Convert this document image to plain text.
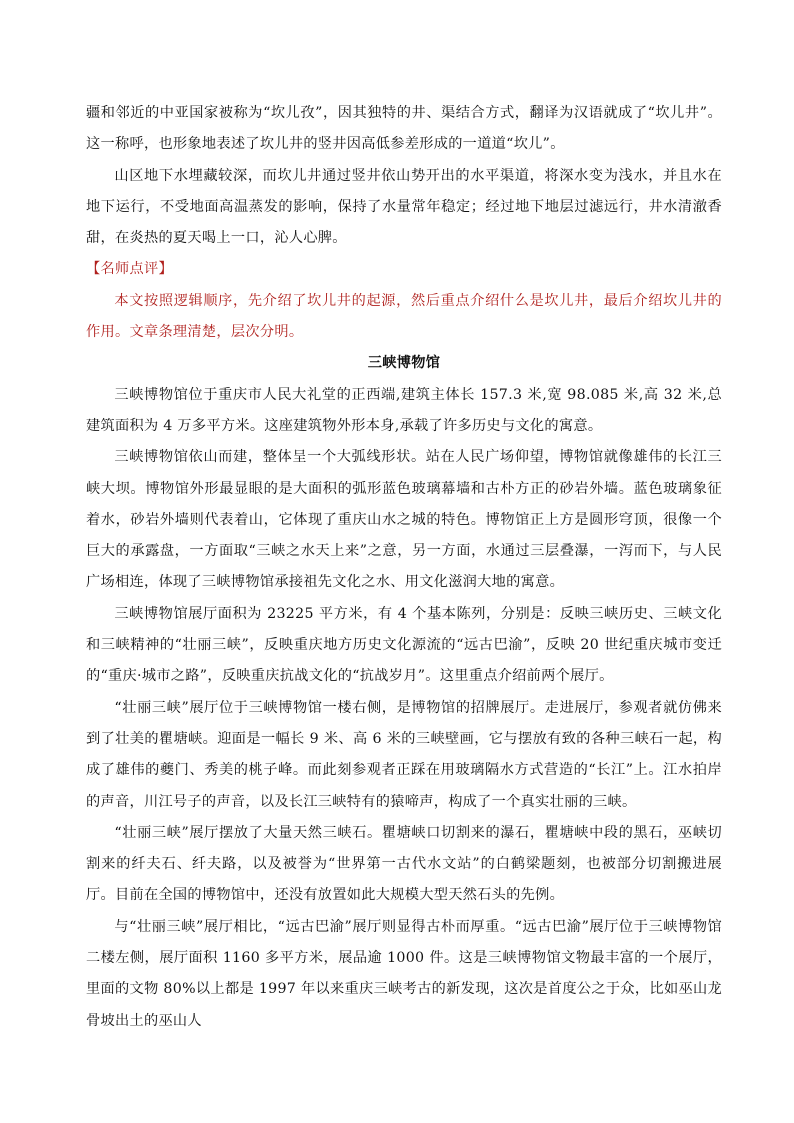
疆和邻近的中亚国家被称为“坎儿孜”，因其独特的井、渠结合方式，翻译为汉语就成了“坎儿井”。这一称呼，也形象地表述了坎儿井的竖井因高低参差形成的一道道“坎儿”。

山区地下水埋藏较深，而坎儿井通过竖井依山势开出的水平渠道，将深水变为浅水，并且水在地下运行，不受地面高温蒸发的影响，保持了水量常年稳定；经过地下地层过滤远行，井水清澈香甜，在炎热的夏天喝上一口，沁人心脾。

【名师点评】

本文按照逻辑顺序，先介绍了坎儿井的起源，然后重点介绍什么是坎儿井，最后介绍坎儿井的作用。文章条理清楚，层次分明。

三峡博物馆

三峡博物馆位于重庆市人民大礼堂的正西端,建筑主体长 157.3 米,宽 98.085 米,高 32 米,总建筑面积为 4 万多平方米。这座建筑物外形本身,承载了许多历史与文化的寓意。

三峡博物馆依山而建，整体呈一个大弧线形状。站在人民广场仰望，博物馆就像雄伟的长江三峡大坝。博物馆外形最显眼的是大面积的弧形蓝色玻璃幕墙和古朴方正的砂岩外墙。蓝色玻璃象征着水，砂岩外墙则代表着山，它体现了重庆山水之城的特色。博物馆正上方是圆形穹顶，很像一个巨大的承露盘，一方面取“三峡之水天上来”之意，另一方面，水通过三层叠瀑，一泻而下，与人民广场相连，体现了三峡博物馆承接祖先文化之水、用文化滋润大地的寓意。

三峡博物馆展厅面积为 23225 平方米，有 4 个基本陈列，分别是：反映三峡历史、三峡文化和三峡精神的“壮丽三峡”，反映重庆地方历史文化源流的“远古巴渝”，反映 20 世纪重庆城市变迁的“重庆·城市之路”，反映重庆抗战文化的“抗战岁月”。这里重点介绍前两个展厅。

“壮丽三峡”展厅位于三峡博物馆一楼右侧，是博物馆的招牌展厅。走进展厅，参观者就仿佛来到了壮美的瞿塘峡。迎面是一幅长 9 米、高 6 米的三峡壁画，它与摆放有致的各种三峡石一起，构成了雄伟的夔门、秀美的桃子峰。而此刻参观者正踩在用玻璃隔水方式营造的“长江”上。江水拍岸的声音，川江号子的声音，以及长江三峡特有的猿啼声，构成了一个真实壮丽的三峡。

“壮丽三峡”展厅摆放了大量天然三峡石。瞿塘峡口切割来的瀑石，瞿塘峡中段的黑石，巫峡切割来的纤夫石、纤夫路，以及被誉为“世界第一古代水文站”的白鹤梁题刻，也被部分切割搬进展厅。目前在全国的博物馆中，还没有放置如此大规模大型天然石头的先例。

与“壮丽三峡”展厅相比，“远古巴渝”展厅则显得古朴而厚重。“远古巴渝”展厅位于三峡博物馆二楼左侧，展厅面积 1160 多平方米，展品逾 1000 件。这是三峡博物馆文物最丰富的一个展厅，里面的文物 80%以上都是 1997 年以来重庆三峡考古的新发现，这次是首度公之于众，比如巫山龙骨坡出土的巫山人
